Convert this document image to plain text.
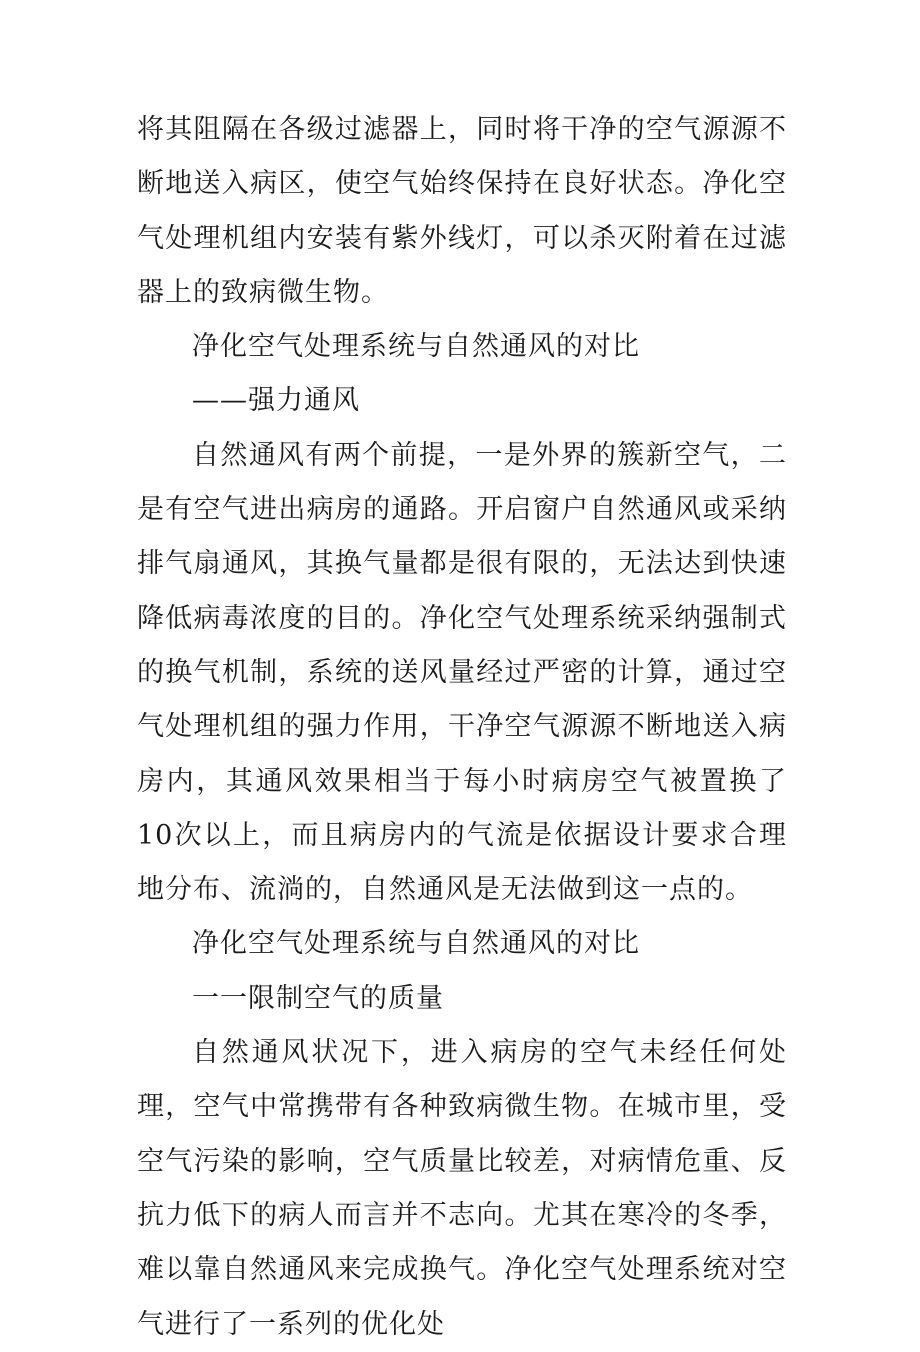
将其阻隔在各级过滤器上，同时将干净的空气源源不断地送入病区，使空气始终保持在良好状态。净化空气处理机组内安装有紫外线灯，可以杀灭附着在过滤器上的致病微生物。

净化空气处理系统与自然通风的对比

——强力通风

自然通风有两个前提，一是外界的簇新空气，二是有空气进出病房的通路。开启窗户自然通风或采纳排气扇通风，其换气量都是很有限的，无法达到快速降低病毒浓度的目的。净化空气处理系统采纳强制式的换气机制，系统的送风量经过严密的计算，通过空气处理机组的强力作用，干净空气源源不断地送入病房内，其通风效果相当于每小时病房空气被置换了10次以上，而且病房内的气流是依据设计要求合理地分布、流淌的，自然通风是无法做到这一点的。

净化空气处理系统与自然通风的对比

一一限制空气的质量

自然通风状况下，进入病房的空气未经任何处理，空气中常携带有各种致病微生物。在城市里，受空气污染的影响，空气质量比较差，对病情危重、反抗力低下的病人而言并不志向。尤其在寒冷的冬季，难以靠自然通风来完成换气。净化空气处理系统对空气进行了一系列的优化处
